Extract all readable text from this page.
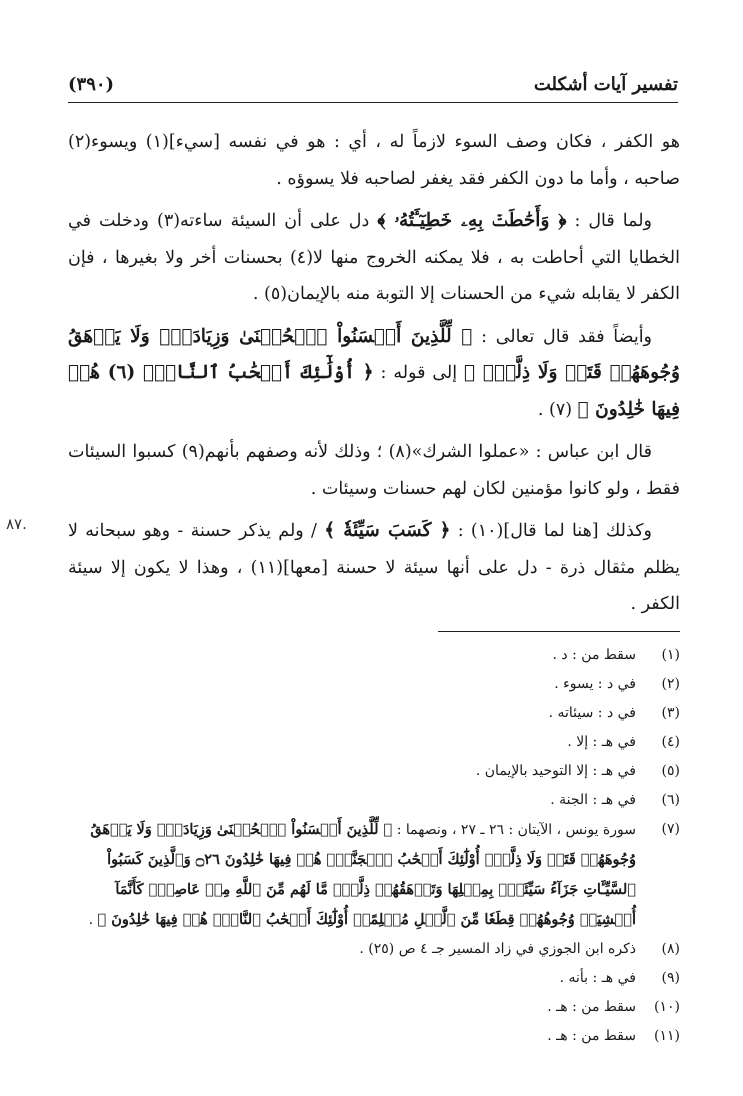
تفسير آيات أشكلت
(٣٩٠)
٨٧.

هو الكفر ، فكان وصف السوء لازماً له ، أي : هو في نفسه [سيء](١) ويسوء(٢) صاحبه ، وأما ما دون الكفر فقد يغفر لصاحبه فلا يسوؤه .

ولما قال : ﴿ وَأَحَٰطَتۡ بِهِۦ خَطِيٓـَٔتُهُۥ ﴾ دل على أن السيئة ساءته(٣) ودخلت في الخطايا التي أحاطت به ، فلا يمكنه الخروج منها لا(٤) بحسنات أخر ولا بغيرها ، فإن الكفر لا يقابله شيء من الحسنات إلا التوبة منه بالإيمان(٥) .

وأيضاً فقد قال تعالى : ﴿ لِّلَّذِينَ أَحۡسَنُواْ ٱلۡحُسۡنَىٰ وَزِيَادَةٞۖ وَلَا يَرۡهَقُ وُجُوهَهُمۡ قَتَرٞ وَلَا ذِلَّةٌۚ ﴾ إلى قوله : ﴿ أُوْلَٰٓئِكَ أَصۡحَٰبُ ٱلنَّارِۖ (٦) هُمۡ فِيهَا خَٰلِدُونَ ﴾ (٧) .

قال ابن عباس : «عملوا الشرك»(٨) ؛ وذلك لأنه وصفهم بأنهم(٩) كسبوا السيئات فقط ، ولو كانوا مؤمنين لكان لهم حسنات وسيئات .

وكذلك [هنا لما قال](١٠) : ﴿ كَسَبَ سَيِّئَةٗ ﴾ / ولم يذكر حسنة - وهو سبحانه لا يظلم مثقال ذرة - دل على أنها سيئة لا حسنة [معها](١١) ، وهذا لا يكون إلا سيئة الكفر .

(١)
سقط من : د .
(٢)
في د : يسوء .
(٣)
في د : سيئاته .
(٤)
في هـ : إلا .
(٥)
في هـ : إلا التوحيد بالإيمان .
(٦)
في هـ : الجنة .
(٧)
سورة يونس ، الآيتان : ٢٦ ـ ٢٧ ، ونصهما : ﴿ لِّلَّذِينَ أَحۡسَنُواْ ٱلۡحُسۡنَىٰ وَزِيَادَةٞۖ وَلَا يَرۡهَقُ وُجُوهَهُمۡ قَتَرٞ وَلَا ذِلَّةٌۚ أُوْلَٰٓئِكَ أَصۡحَٰبُ ٱلۡجَنَّةِۖ هُمۡ فِيهَا خَٰلِدُونَ ۝٢٦ وَٱلَّذِينَ كَسَبُواْ ٱلسَّيِّـَٔاتِ جَزَآءُ سَيِّئَةِۭ بِمِثۡلِهَا وَتَرۡهَقُهُمۡ ذِلَّةٞۖ مَّا لَهُم مِّنَ ٱللَّهِ مِنۡ عَاصِمٖۖ كَأَنَّمَآ أُغۡشِيَتۡ وُجُوهُهُمۡ قِطَعٗا مِّنَ ٱلَّيۡلِ مُظۡلِمًاۚ أُوْلَٰٓئِكَ أَصۡحَٰبُ ٱلنَّارِۖ هُمۡ فِيهَا خَٰلِدُونَ ﴾ .
(٨)
ذكره ابن الجوزي في زاد المسير جـ ٤ ص (٢٥) .
(٩)
في هـ : بأنه .
(١٠)
سقط من : هـ .
(١١)
سقط من : هـ .
